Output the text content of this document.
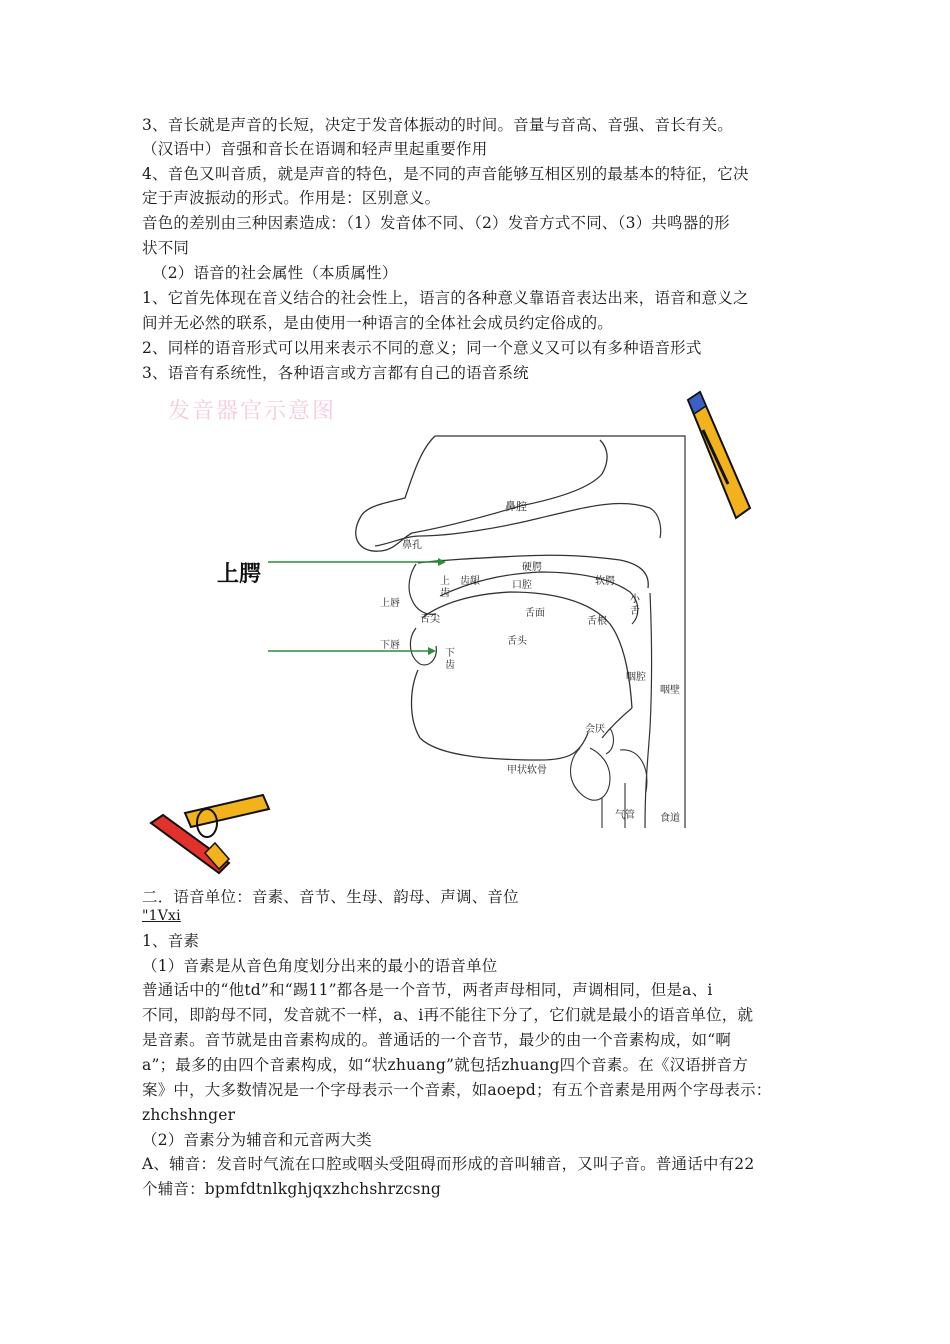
3、音长就是声音的长短，决定于发音体振动的时间。音量与音高、音强、音长有关。
（汉语中）音强和音长在语调和轻声里起重要作用
4、音色又叫音质，就是声音的特色，是不同的声音能够互相区别的最基本的特征，它决
定于声波振动的形式。作用是：区别意义。
音色的差别由三种因素造成：（1）发音体不同、（2）发音方式不同、（3）共鸣器的形
状不同
（2）语音的社会属性（本质属性）
1、它首先体现在音义结合的社会性上，语言的各种意义靠语音表达出来，语音和意义之
间并无必然的联系，是由使用一种语言的全体社会成员约定俗成的。
2、同样的语音形式可以用来表示不同的意义；同一个意义又可以有多种语音形式
3、语音有系统性，各种语言或方言都有自己的语音系统
发音器官示意图
上腭
鼻腔
鼻孔
硬腭
软腭
上齿
齿龈	口腔
小舌
上唇
舌面
舌尖	舌根
舌头
下唇
下齿
咽腔
咽壁
会厌
甲状软骨
气管	食道
二．语音单位：音素、音节、生母、韵母、声调、音位
"1Vxi
1、音素
（1）音素是从音色角度划分出来的最小的语音单位
普通话中的“他td”和“踢11”都各是一个音节，两者声母相同，声调相同，但是a、i
不同，即韵母不同，发音就不一样，a、i再不能往下分了，它们就是最小的语音单位，就
是音素。音节就是由音素构成的。普通话的一个音节，最少的由一个音素构成，如“啊
a”；最多的由四个音素构成，如“状zhuang”就包括zhuang四个音素。在《汉语拼音方
案》中，大多数情况是一个字母表示一个音素，如aoepd；有五个音素是用两个字母表示：
zhchshnger
（2）音素分为辅音和元音两大类
A、辅音：发音时气流在口腔或咽头受阻碍而形成的音叫辅音，又叫子音。普通话中有22
个辅音：bpmfdtnlkghjqxzhchshrzcsng
